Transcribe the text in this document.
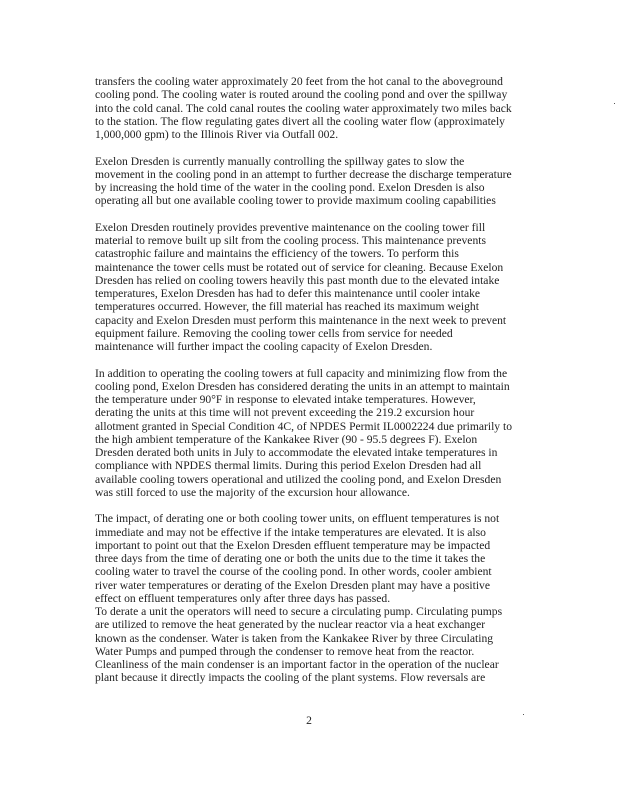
transfers the cooling water approximately 20 feet from the hot canal to the aboveground
cooling pond. The cooling water is routed around the cooling pond and over the spillway
into the cold canal. The cold canal routes the cooling water approximately two miles back
to the station. The flow regulating gates divert all the cooling water flow (approximately
1,000,000 gpm) to the Illinois River via Outfall 002.
Exelon Dresden is currently manually controlling the spillway gates to slow the
movement in the cooling pond in an attempt to further decrease the discharge temperature
by increasing the hold time of the water in the cooling pond. Exelon Dresden is also
operating all but one available cooling tower to provide maximum cooling capabilities
Exelon Dresden routinely provides preventive maintenance on the cooling tower fill
material to remove built up silt from the cooling process. This maintenance prevents
catastrophic failure and maintains the efficiency of the towers. To perform this
maintenance the tower cells must be rotated out of service for cleaning. Because Exelon
Dresden has relied on cooling towers heavily this past month due to the elevated intake
temperatures, Exelon Dresden has had to defer this maintenance until cooler intake
temperatures occurred. However, the fill material has reached its maximum weight
capacity and Exelon Dresden must perform this maintenance in the next week to prevent
equipment failure. Removing the cooling tower cells from service for needed
maintenance will further impact the cooling capacity of Exelon Dresden.
In addition to operating the cooling towers at full capacity and minimizing flow from the
cooling pond, Exelon Dresden has considered derating the units in an attempt to maintain
the temperature under 90°F in response to elevated intake temperatures. However,
derating the units at this time will not prevent exceeding the 219.2 excursion hour
allotment granted in Special Condition 4C, of NPDES Permit IL0002224 due primarily to
the high ambient temperature of the Kankakee River (90 - 95.5 degrees F). Exelon
Dresden derated both units in July to accommodate the elevated intake temperatures in
compliance with NPDES thermal limits. During this period Exelon Dresden had all
available cooling towers operational and utilized the cooling pond, and Exelon Dresden
was still forced to use the majority of the excursion hour allowance.
The impact, of derating one or both cooling tower units, on effluent temperatures is not
immediate and may not be effective if the intake temperatures are elevated. It is also
important to point out that the Exelon Dresden effluent temperature may be impacted
three days from the time of derating one or both the units due to the time it takes the
cooling water to travel the course of the cooling pond. In other words, cooler ambient
river water temperatures or derating of the Exelon Dresden plant may have a positive
effect on effluent temperatures only after three days has passed.
To derate a unit the operators will need to secure a circulating pump. Circulating pumps
are utilized to remove the heat generated by the nuclear reactor via a heat exchanger
known as the condenser. Water is taken from the Kankakee River by three Circulating
Water Pumps and pumped through the condenser to remove heat from the reactor.
Cleanliness of the main condenser is an important factor in the operation of the nuclear
plant because it directly impacts the cooling of the plant systems. Flow reversals are
2
